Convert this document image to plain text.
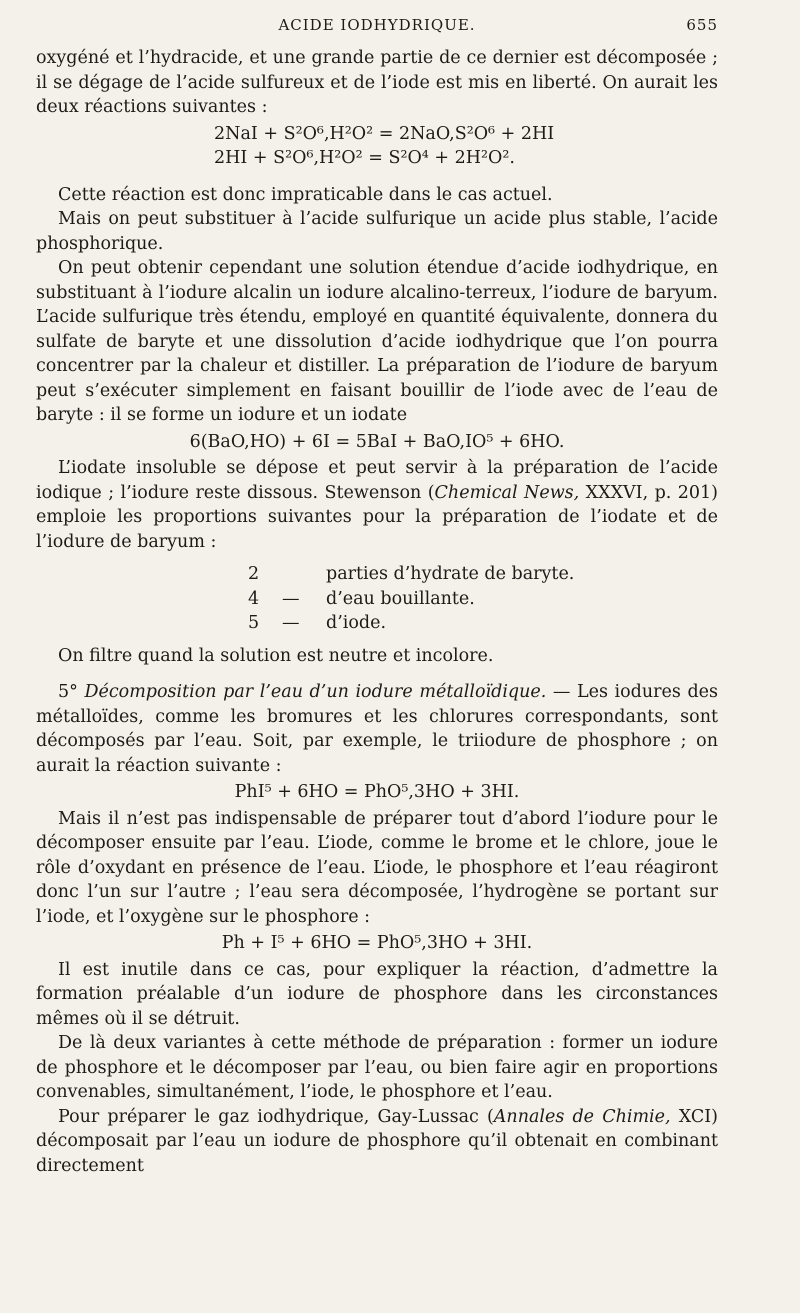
ACIDE IODHYDRIQUE.	655

oxygéné et l’hydracide, et une grande partie de ce dernier est décomposée ; il se dégage de l’acide sulfureux et de l’iode est mis en liberté. On aurait les deux réactions suivantes :

2NaI + S²O⁶,H²O² = 2NaO,S²O⁶ + 2HI
2HI + S²O⁶,H²O² = S²O⁴ + 2H²O².

Cette réaction est donc impraticable dans le cas actuel.

Mais on peut substituer à l’acide sulfurique un acide plus stable, l’acide phosphorique.

On peut obtenir cependant une solution étendue d’acide iodhydrique, en substituant à l’iodure alcalin un iodure alcalino-terreux, l’iodure de baryum. L’acide sulfurique très étendu, employé en quantité équivalente, donnera du sulfate de baryte et une dissolution d’acide iodhydrique que l’on pourra concentrer par la chaleur et distiller. La préparation de l’iodure de baryum peut s’exécuter simplement en faisant bouillir de l’iode avec de l’eau de baryte : il se forme un iodure et un iodate

6(BaO,HO) + 6I = 5BaI + BaO,IO⁵ + 6HO.

L’iodate insoluble se dépose et peut servir à la préparation de l’acide iodique ; l’iodure reste dissous. Stewenson (Chemical News, XXXVI, p. 201) emploie les proportions suivantes pour la préparation de l’iodate et de l’iodure de baryum :

2	parties d’hydrate de baryte.
4 — d’eau bouillante.
5 — d’iode.

On filtre quand la solution est neutre et incolore.

5° Décomposition par l’eau d’un iodure métalloïdique. — Les iodures des métalloïdes, comme les bromures et les chlorures correspondants, sont décomposés par l’eau. Soit, par exemple, le triiodure de phosphore ; on aurait la réaction suivante :

PhI⁵ + 6HO = PhO⁵,3HO + 3HI.

Mais il n’est pas indispensable de préparer tout d’abord l’iodure pour le décomposer ensuite par l’eau. L’iode, comme le brome et le chlore, joue le rôle d’oxydant en présence de l’eau. L’iode, le phosphore et l’eau réagiront donc l’un sur l’autre ; l’eau sera décomposée, l’hydrogène se portant sur l’iode, et l’oxygène sur le phosphore :

Ph + I⁵ + 6HO = PhO⁵,3HO + 3HI.

Il est inutile dans ce cas, pour expliquer la réaction, d’admettre la formation préalable d’un iodure de phosphore dans les circonstances mêmes où il se détruit.

De là deux variantes à cette méthode de préparation : former un iodure de phosphore et le décomposer par l’eau, ou bien faire agir en proportions convenables, simultanément, l’iode, le phosphore et l’eau.

Pour préparer le gaz iodhydrique, Gay-Lussac (Annales de Chimie, XCI) décomposait par l’eau un iodure de phosphore qu’il obtenait en combinant directement
